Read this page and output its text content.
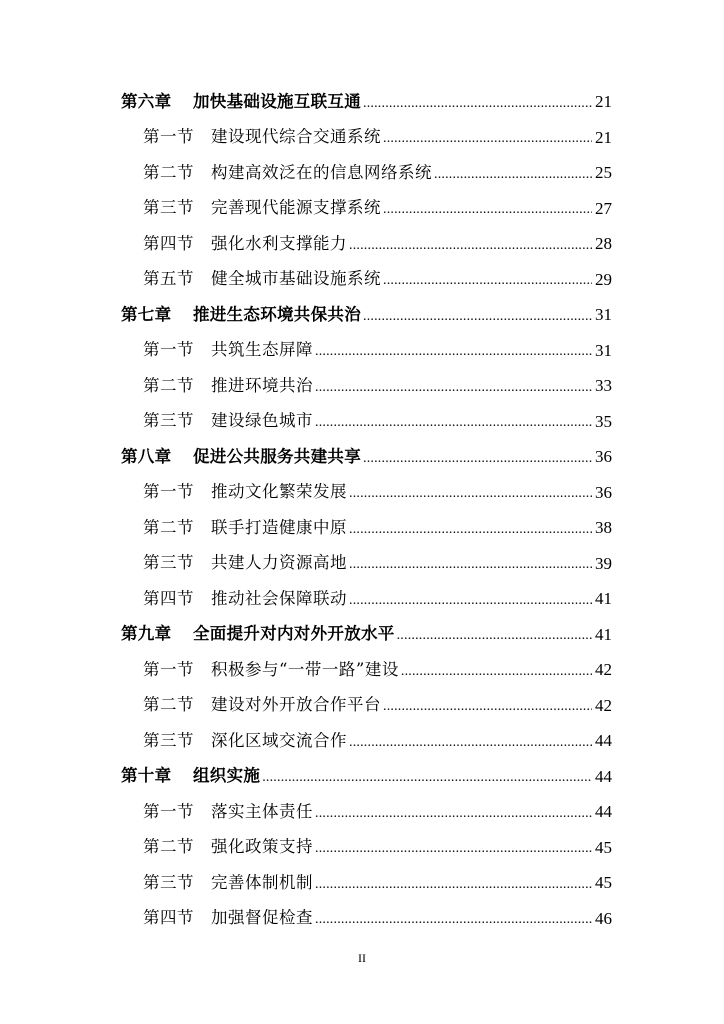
第六章	加快基础设施互联互通 .....	21
第一节	建设现代综合交通系统 .....	21
第二节	构建高效泛在的信息网络系统 .....	25
第三节	完善现代能源支撑系统 .....	27
第四节	强化水利支撑能力 .....	28
第五节	健全城市基础设施系统 .....	29
第七章	推进生态环境共保共治 .....	31
第一节	共筑生态屏障 .....	31
第二节	推进环境共治 .....	33
第三节	建设绿色城市 .....	35
第八章	促进公共服务共建共享 .....	36
第一节	推动文化繁荣发展 .....	36
第二节	联手打造健康中原 .....	38
第三节	共建人力资源高地 .....	39
第四节	推动社会保障联动 .....	41
第九章	全面提升对内对外开放水平 .....	41
第一节	积极参与“一带一路”建设 .....	42
第二节	建设对外开放合作平台 .....	42
第三节	深化区域交流合作 .....	44
第十章	组织实施 .....	44
第一节	落实主体责任 .....	44
第二节	强化政策支持 .....	45
第三节	完善体制机制 .....	45
第四节	加强督促检查 .....	46
II
